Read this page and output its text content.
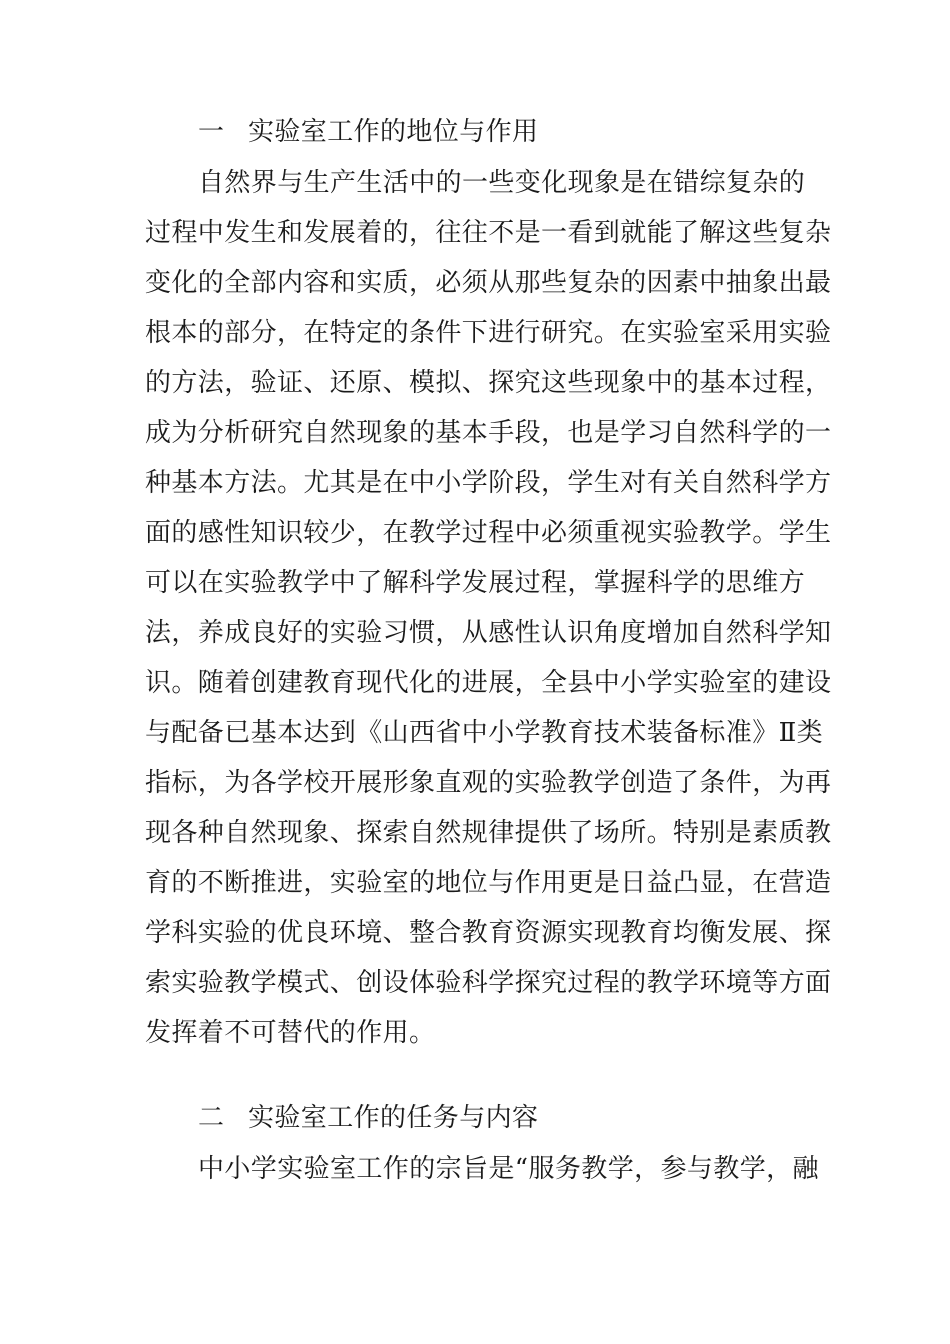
一 实验室工作的地位与作用
自然界与生产生活中的一些变化现象是在错综复杂的
过程中发生和发展着的，往往不是一看到就能了解这些复杂
变化的全部内容和实质，必须从那些复杂的因素中抽象出最
根本的部分，在特定的条件下进行研究。在实验室采用实验
的方法，验证、还原、模拟、探究这些现象中的基本过程，
成为分析研究自然现象的基本手段，也是学习自然科学的一
种基本方法。尤其是在中小学阶段，学生对有关自然科学方
面的感性知识较少，在教学过程中必须重视实验教学。学生
可以在实验教学中了解科学发展过程，掌握科学的思维方
法，养成良好的实验习惯，从感性认识角度增加自然科学知
识。随着创建教育现代化的进展，全县中小学实验室的建设
与配备已基本达到《山西省中小学教育技术装备标准》Ⅱ类
指标，为各学校开展形象直观的实验教学创造了条件，为再
现各种自然现象、探索自然规律提供了场所。特别是素质教
育的不断推进，实验室的地位与作用更是日益凸显，在营造
学科实验的优良环境、整合教育资源实现教育均衡发展、探
索实验教学模式、创设体验科学探究过程的教学环境等方面
发挥着不可替代的作用。
二 实验室工作的任务与内容
中小学实验室工作的宗旨是“服务教学，参与教学，融
